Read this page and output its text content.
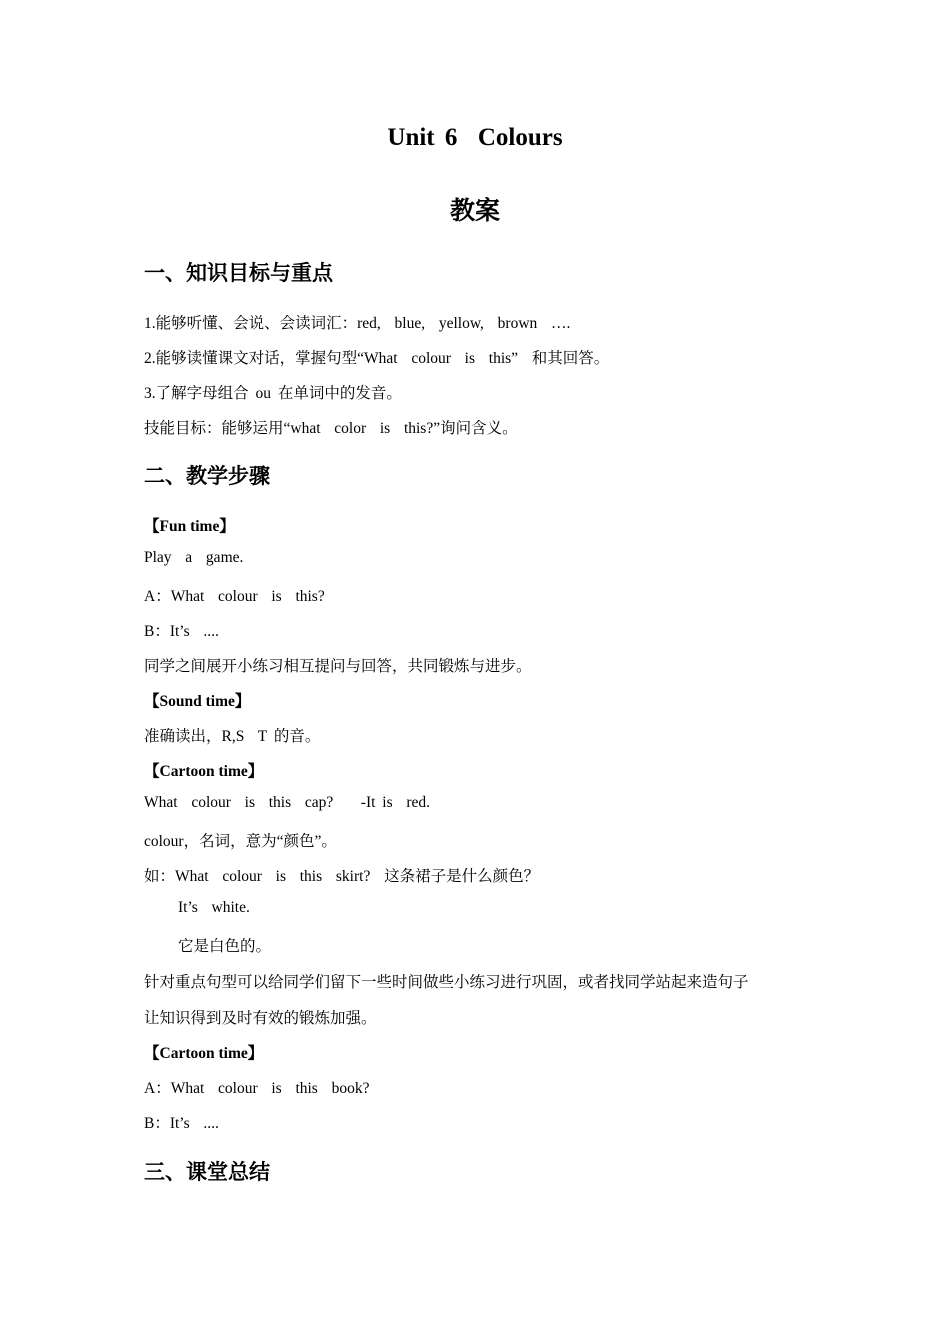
Unit 6  Colours
教案
一、知识目标与重点

1.能够听懂、会说、会读词汇：red,  blue,  yellow,  brown  ….

2.能够读懂课文对话，掌握句型“What  colour  is  this”  和其回答。

3.了解字母组合 ou 在单词中的发音。

技能目标：能够运用“what  color  is  this?”询问含义。

二、教学步骤

【Fun time】

Play  a  game.

A：What  colour  is  this?

B：It’s  ....

同学之间展开小练习相互提问与回答，共同锻炼与进步。

【Sound time】

准确读出，R,S  T 的音。

【Cartoon time】

What  colour  is  this  cap?    -It is  red.

colour，名词，意为“颜色”。

如：What  colour  is  this  skirt?  这条裙子是什么颜色？

It’s  white.

它是白色的。

针对重点句型可以给同学们留下一些时间做些小练习进行巩固，或者找同学站起来造句子

让知识得到及时有效的锻炼加强。

【Cartoon time】

A：What  colour  is  this  book?

B：It’s  ....

三、课堂总结
